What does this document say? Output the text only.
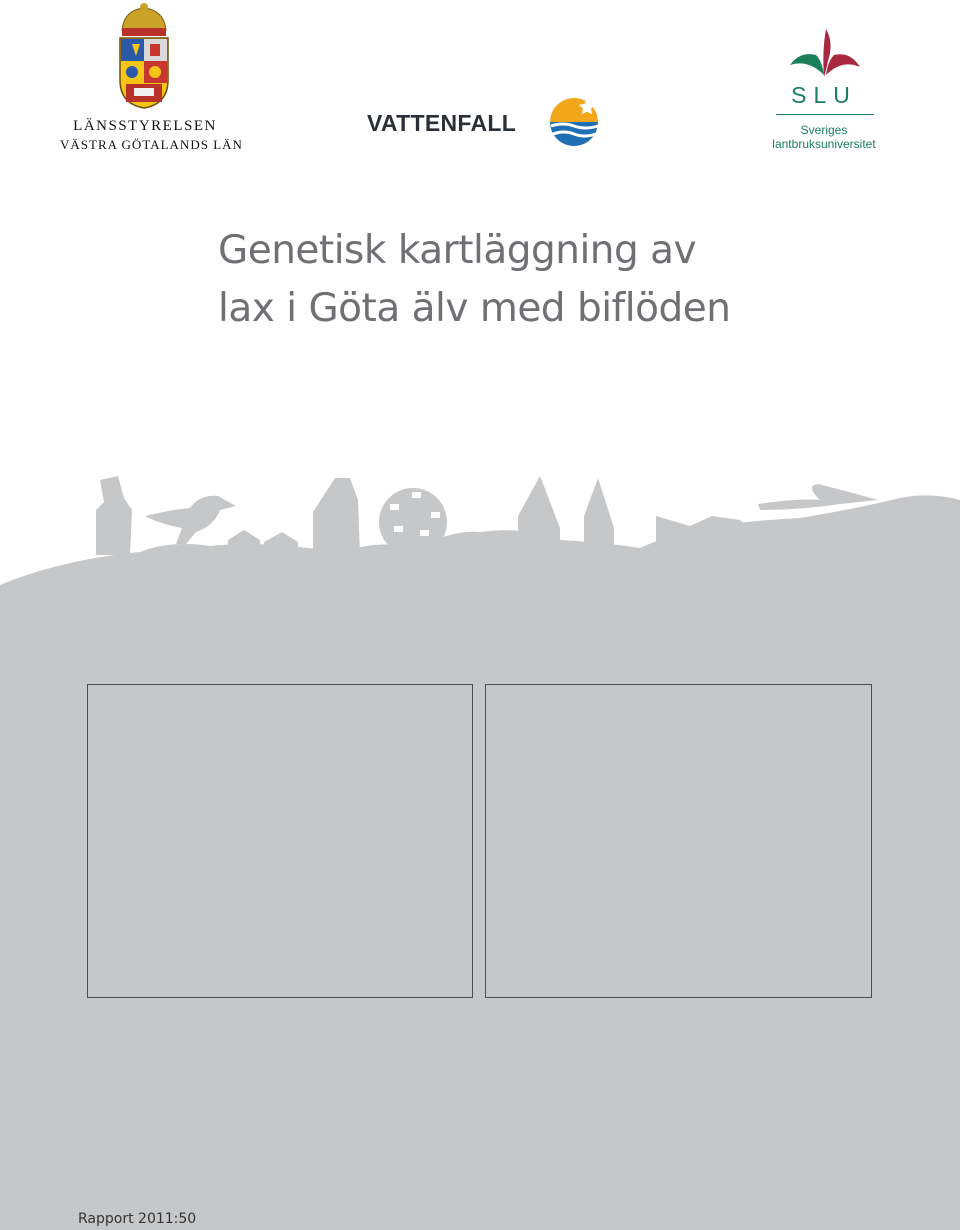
LÄNSSTYRELSEN
VÄSTRA GÖTALANDS LÄN
VATTENFALL
SLU
Sveriges
lantbruksuniversitet
Genetisk kartläggning av
lax i Göta älv med biflöden
Rapport 2011:50
